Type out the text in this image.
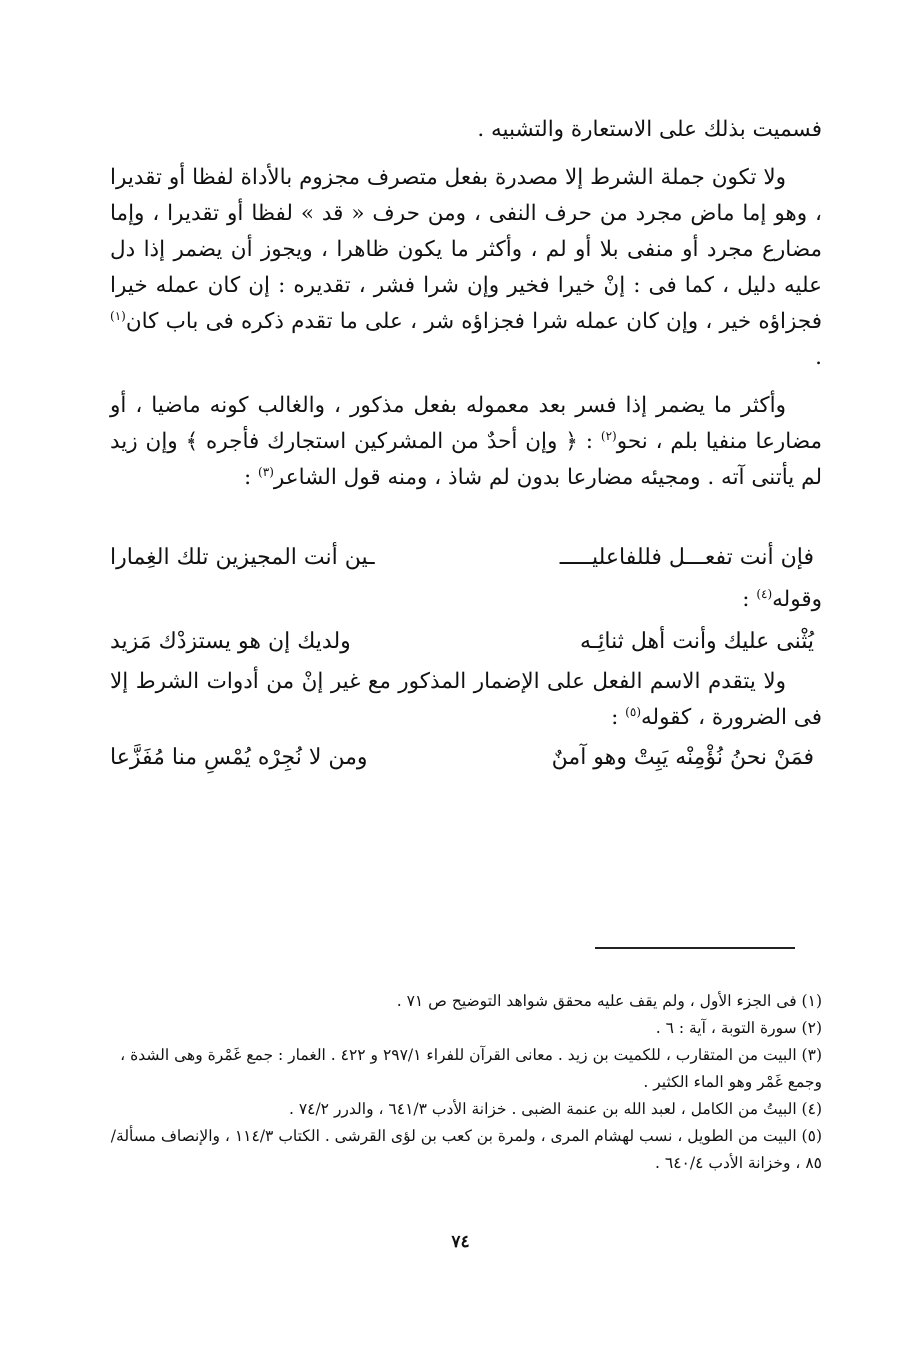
فسميت بذلك على الاستعارة والتشبيه .

ولا تكون جملة الشرط إلا مصدرة بفعل متصرف مجزوم بالأداة لفظا أو تقديرا ، وهو إما ماض مجرد من حرف النفى ، ومن حرف « قد » لفظا أو تقديرا ، وإما مضارع مجرد أو منفى بلا أو لم ، وأكثر ما يكون ظاهرا ، ويجوز أن يضمر إذا دل عليه دليل ، كما فى : إنْ خيرا فخير وإن شرا فشر ، تقديره : إن كان عمله خيرا فجزاؤه خير ، وإن كان عمله شرا فجزاؤه شر ، على ما تقدم ذكره فى باب كان$^{(١)}$ .

وأكثر ما يضمر إذا فسر بعد معموله بفعل مذكور ، والغالب كونه ماضيا ، أو مضارعا منفيا بلم ، نحو$^{(٢)}$ : ﴿ وإن أحدٌ من المشركين استجارك فأجره ﴾ وإن زيد لم يأتنى آته . ومجيئه مضارعا بدون لم شاذ ، ومنه قول الشاعر$^{(٣)}$ :

فإن أنت تفعـــل فللفاعليـــــ
ـين أنت المجيزين تلك الغِمارا

وقوله$^{(٤)}$ :

يُثْنى عليك وأنت أهل ثنائِـه
ولديك إن هو يستزدْك مَزيد

ولا يتقدم الاسم الفعل على الإضمار المذكور مع غير إنْ من أدوات الشرط إلا فى الضرورة ، كقوله$^{(٥)}$ :

فمَنْ نحنُ نُؤْمِنْه يَبِتْ وهو آمنٌ
ومن لا نُجِرْه يُمْسِ منا مُفَزَّعا

(١) فى الجزء الأول ، ولم يقف عليه محقق شواهد التوضيح ص ٧١ .

(٢) سورة التوبة ، آية : ٦ .

(٣) البيت من المتقارب ، للكميت بن زيد . معانى القرآن للفراء ٢٩٧/١ و ٤٢٢ . الغمار : جمع غَمْرة وهى الشدة ، وجمع غَمْر وهو الماء الكثير .

(٤) البيتُ من الكامل ، لعبد الله بن عنمة الضبى . خزانة الأدب ٦٤١/٣ ، والدرر ٧٤/٢ .

(٥) البيت من الطويل ، نسب لهشام المرى ، ولمرة بن كعب بن لؤى القرشى . الكتاب ١١٤/٣ ، والإنصاف مسألة/٨٥ ، وخزانة الأدب ٦٤٠/٤ .

٧٤
